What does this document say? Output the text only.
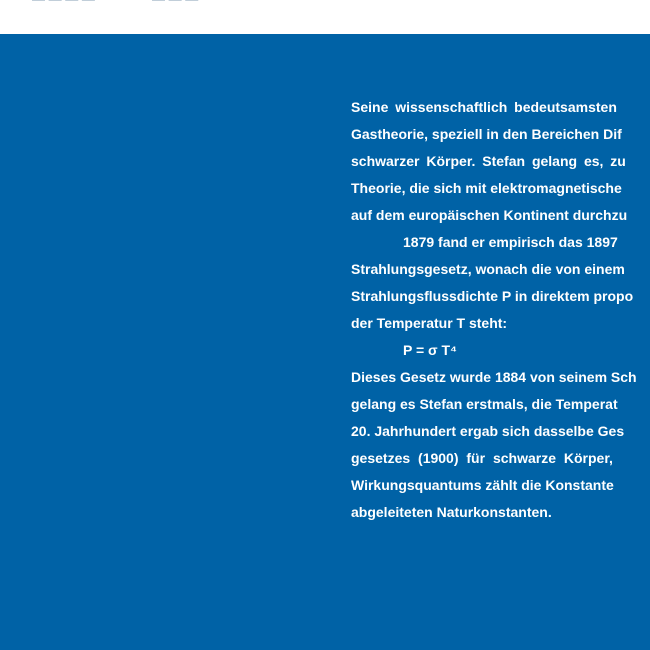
Seine wissenschaftlich bedeutsamsten
Gastheorie, speziell in den Bereichen Dif
schwarzer Körper. Stefan gelang es, zu
Theorie, die sich mit elektromagnetische
auf dem europäischen Kontinent durchzu
1879 fand er empirisch das 1897
Strahlungsgesetz, wonach die von einem
Strahlungsflussdichte P in direktem propo
der Temperatur T steht:
P = σ T⁴
Dieses Gesetz wurde 1884 von seinem Sch
gelang es Stefan erstmals, die Temperat
20. Jahrhundert ergab sich dasselbe Ges
gesetzes (1900) für schwarze Körper,
Wirkungsquantums zählt die Konstante
abgeleiteten Naturkonstanten.
